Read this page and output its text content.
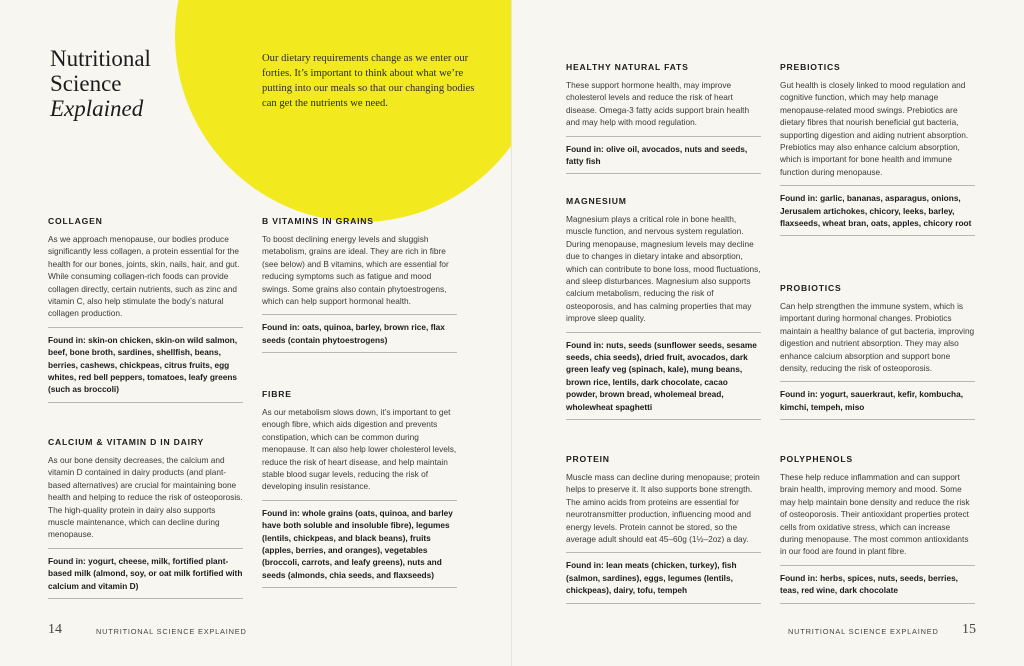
Nutritional
Science
Explained

Our dietary requirements change as we enter our forties. It’s important to think about what we’re putting into our meals so that our changing bodies can get the nutrients we need.

COLLAGEN

As we approach menopause, our bodies produce significantly less collagen, a protein essential for the health for our bones, joints, skin, nails, hair, and gut. While consuming collagen-rich foods can provide collagen directly, certain nutrients, such as zinc and vitamin C, also help stimulate the body’s natural collagen production.

Found in: skin-on chicken, skin-on wild salmon, beef, bone broth, sardines, shellfish, beans, berries, cashews, chickpeas, citrus fruits, egg whites, red bell peppers, tomatoes, leafy greens (such as broccoli)

CALCIUM & VITAMIN D IN DAIRY

As our bone density decreases, the calcium and vitamin D contained in dairy products (and plant-based alternatives) are crucial for maintaining bone health and helping to reduce the risk of osteoporosis. The high-quality protein in dairy also supports muscle maintenance, which can decline during menopause.

Found in: yogurt, cheese, milk, fortified plant-based milk (almond, soy, or oat milk fortified with calcium and vitamin D)

B VITAMINS IN GRAINS

To boost declining energy levels and sluggish metabolism, grains are ideal. They are rich in fibre (see below) and B vitamins, which are essential for reducing symptoms such as fatigue and mood swings. Some grains also contain phytoestrogens, which can help support hormonal health.

Found in: oats, quinoa, barley, brown rice, flax seeds (contain phytoestrogens)

FIBRE

As our metabolism slows down, it’s important to get enough fibre, which aids digestion and prevents constipation, which can be common during menopause. It can also help lower cholesterol levels, reduce the risk of heart disease, and help maintain stable blood sugar levels, reducing the risk of developing insulin resistance.

Found in: whole grains (oats, quinoa, and barley have both soluble and insoluble fibre), legumes (lentils, chickpeas, and black beans), fruits (apples, berries, and oranges), vegetables (broccoli, carrots, and leafy greens), nuts and seeds (almonds, chia seeds, and flaxseeds)

14	NUTRITIONAL SCIENCE EXPLAINED
HEALTHY NATURAL FATS

These support hormone health, may improve cholesterol levels and reduce the risk of heart disease. Omega-3 fatty acids support brain health and may help with mood regulation.

Found in: olive oil, avocados, nuts and seeds, fatty fish

MAGNESIUM

Magnesium plays a critical role in bone health, muscle function, and nervous system regulation. During menopause, magnesium levels may decline due to changes in dietary intake and absorption, which can contribute to bone loss, mood fluctuations, and sleep disturbances. Magnesium also supports calcium metabolism, reducing the risk of osteoporosis, and has calming properties that may improve sleep quality.

Found in: nuts, seeds (sunflower seeds, sesame seeds, chia seeds), dried fruit, avocados, dark green leafy veg (spinach, kale), mung beans, brown rice, lentils, dark chocolate, cacao powder, brown bread, wholemeal bread, wholewheat spaghetti

PROTEIN

Muscle mass can decline during menopause; protein helps to preserve it. It also supports bone strength. The amino acids from proteins are essential for neurotransmitter production, influencing mood and energy levels. Protein cannot be stored, so the average adult should eat 45–60g (1½–2oz) a day.

Found in: lean meats (chicken, turkey), fish (salmon, sardines), eggs, legumes (lentils, chickpeas), dairy, tofu, tempeh

PREBIOTICS

Gut health is closely linked to mood regulation and cognitive function, which may help manage menopause-related mood swings. Prebiotics are dietary fibres that nourish beneficial gut bacteria, supporting digestion and aiding nutrient absorption. Prebiotics may also enhance calcium absorption, which is important for bone health and immune function during menopause.

Found in: garlic, bananas, asparagus, onions, Jerusalem artichokes, chicory, leeks, barley, flaxseeds, wheat bran, oats, apples, chicory root

PROBIOTICS

Can help strengthen the immune system, which is important during hormonal changes. Probiotics maintain a healthy balance of gut bacteria, improving digestion and nutrient absorption. They may also enhance calcium absorption and support bone density, reducing the risk of osteoporosis.

Found in: yogurt, sauerkraut, kefir, kombucha, kimchi, tempeh, miso

POLYPHENOLS

These help reduce inflammation and can support brain health, improving memory and mood. Some may help maintain bone density and reduce the risk of osteoporosis. Their antioxidant properties protect cells from oxidative stress, which can increase during menopause. The most common antioxidants in our food are found in plant fibre.

Found in: herbs, spices, nuts, seeds, berries, teas, red wine, dark chocolate

NUTRITIONAL SCIENCE EXPLAINED 15
